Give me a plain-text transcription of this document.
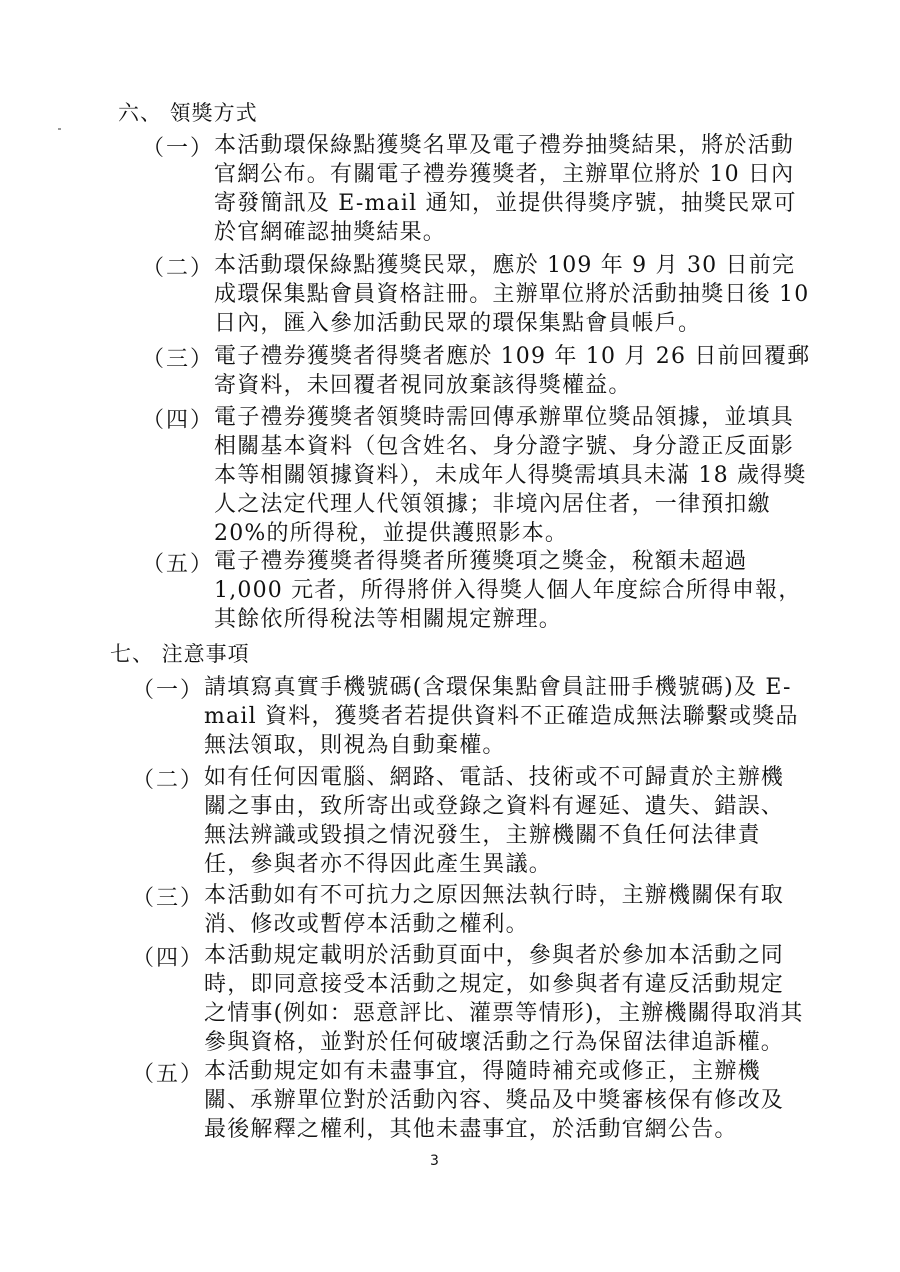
六、 領獎方式
（一） 本活動環保綠點獲獎名單及電子禮券抽獎結果，將於活動官網公布。有關電子禮券獲獎者，主辦單位將於 10 日內寄發簡訊及 E-mail 通知，並提供得獎序號，抽獎民眾可於官網確認抽獎結果。
（二） 本活動環保綠點獲獎民眾，應於 109 年 9 月 30 日前完成環保集點會員資格註冊。主辦單位將於活動抽獎日後 10 日內，匯入參加活動民眾的環保集點會員帳戶。
（三） 電子禮券獲獎者得獎者應於 109 年 10 月 26 日前回覆郵寄資料，未回覆者視同放棄該得獎權益。
（四） 電子禮券獲獎者領獎時需回傳承辦單位獎品領據，並填具相關基本資料（包含姓名、身分證字號、身分證正反面影本等相關領據資料），未成年人得獎需填具未滿 18 歲得獎人之法定代理人代領領據；非境內居住者，一律預扣繳 20%的所得稅，並提供護照影本。
（五） 電子禮券獲獎者得獎者所獲獎項之獎金，稅額未超過 1,000 元者，所得將併入得獎人個人年度綜合所得申報，其餘依所得稅法等相關規定辦理。
七、 注意事項
（一） 請填寫真實手機號碼(含環保集點會員註冊手機號碼)及 E-mail 資料，獲獎者若提供資料不正確造成無法聯繫或獎品無法領取，則視為自動棄權。
（二） 如有任何因電腦、網路、電話、技術或不可歸責於主辦機關之事由，致所寄出或登錄之資料有遲延、遺失、錯誤、無法辨識或毀損之情況發生，主辦機關不負任何法律責任，參與者亦不得因此產生異議。
（三） 本活動如有不可抗力之原因無法執行時，主辦機關保有取消、修改或暫停本活動之權利。
（四） 本活動規定載明於活動頁面中，參與者於參加本活動之同時，即同意接受本活動之規定，如參與者有違反活動規定之情事(例如：惡意評比、灌票等情形)，主辦機關得取消其參與資格，並對於任何破壞活動之行為保留法律追訴權。
（五） 本活動規定如有未盡事宜，得隨時補充或修正，主辦機關、承辦單位對於活動內容、獎品及中獎審核保有修改及最後解釋之權利，其他未盡事宜，於活動官網公告。
3
